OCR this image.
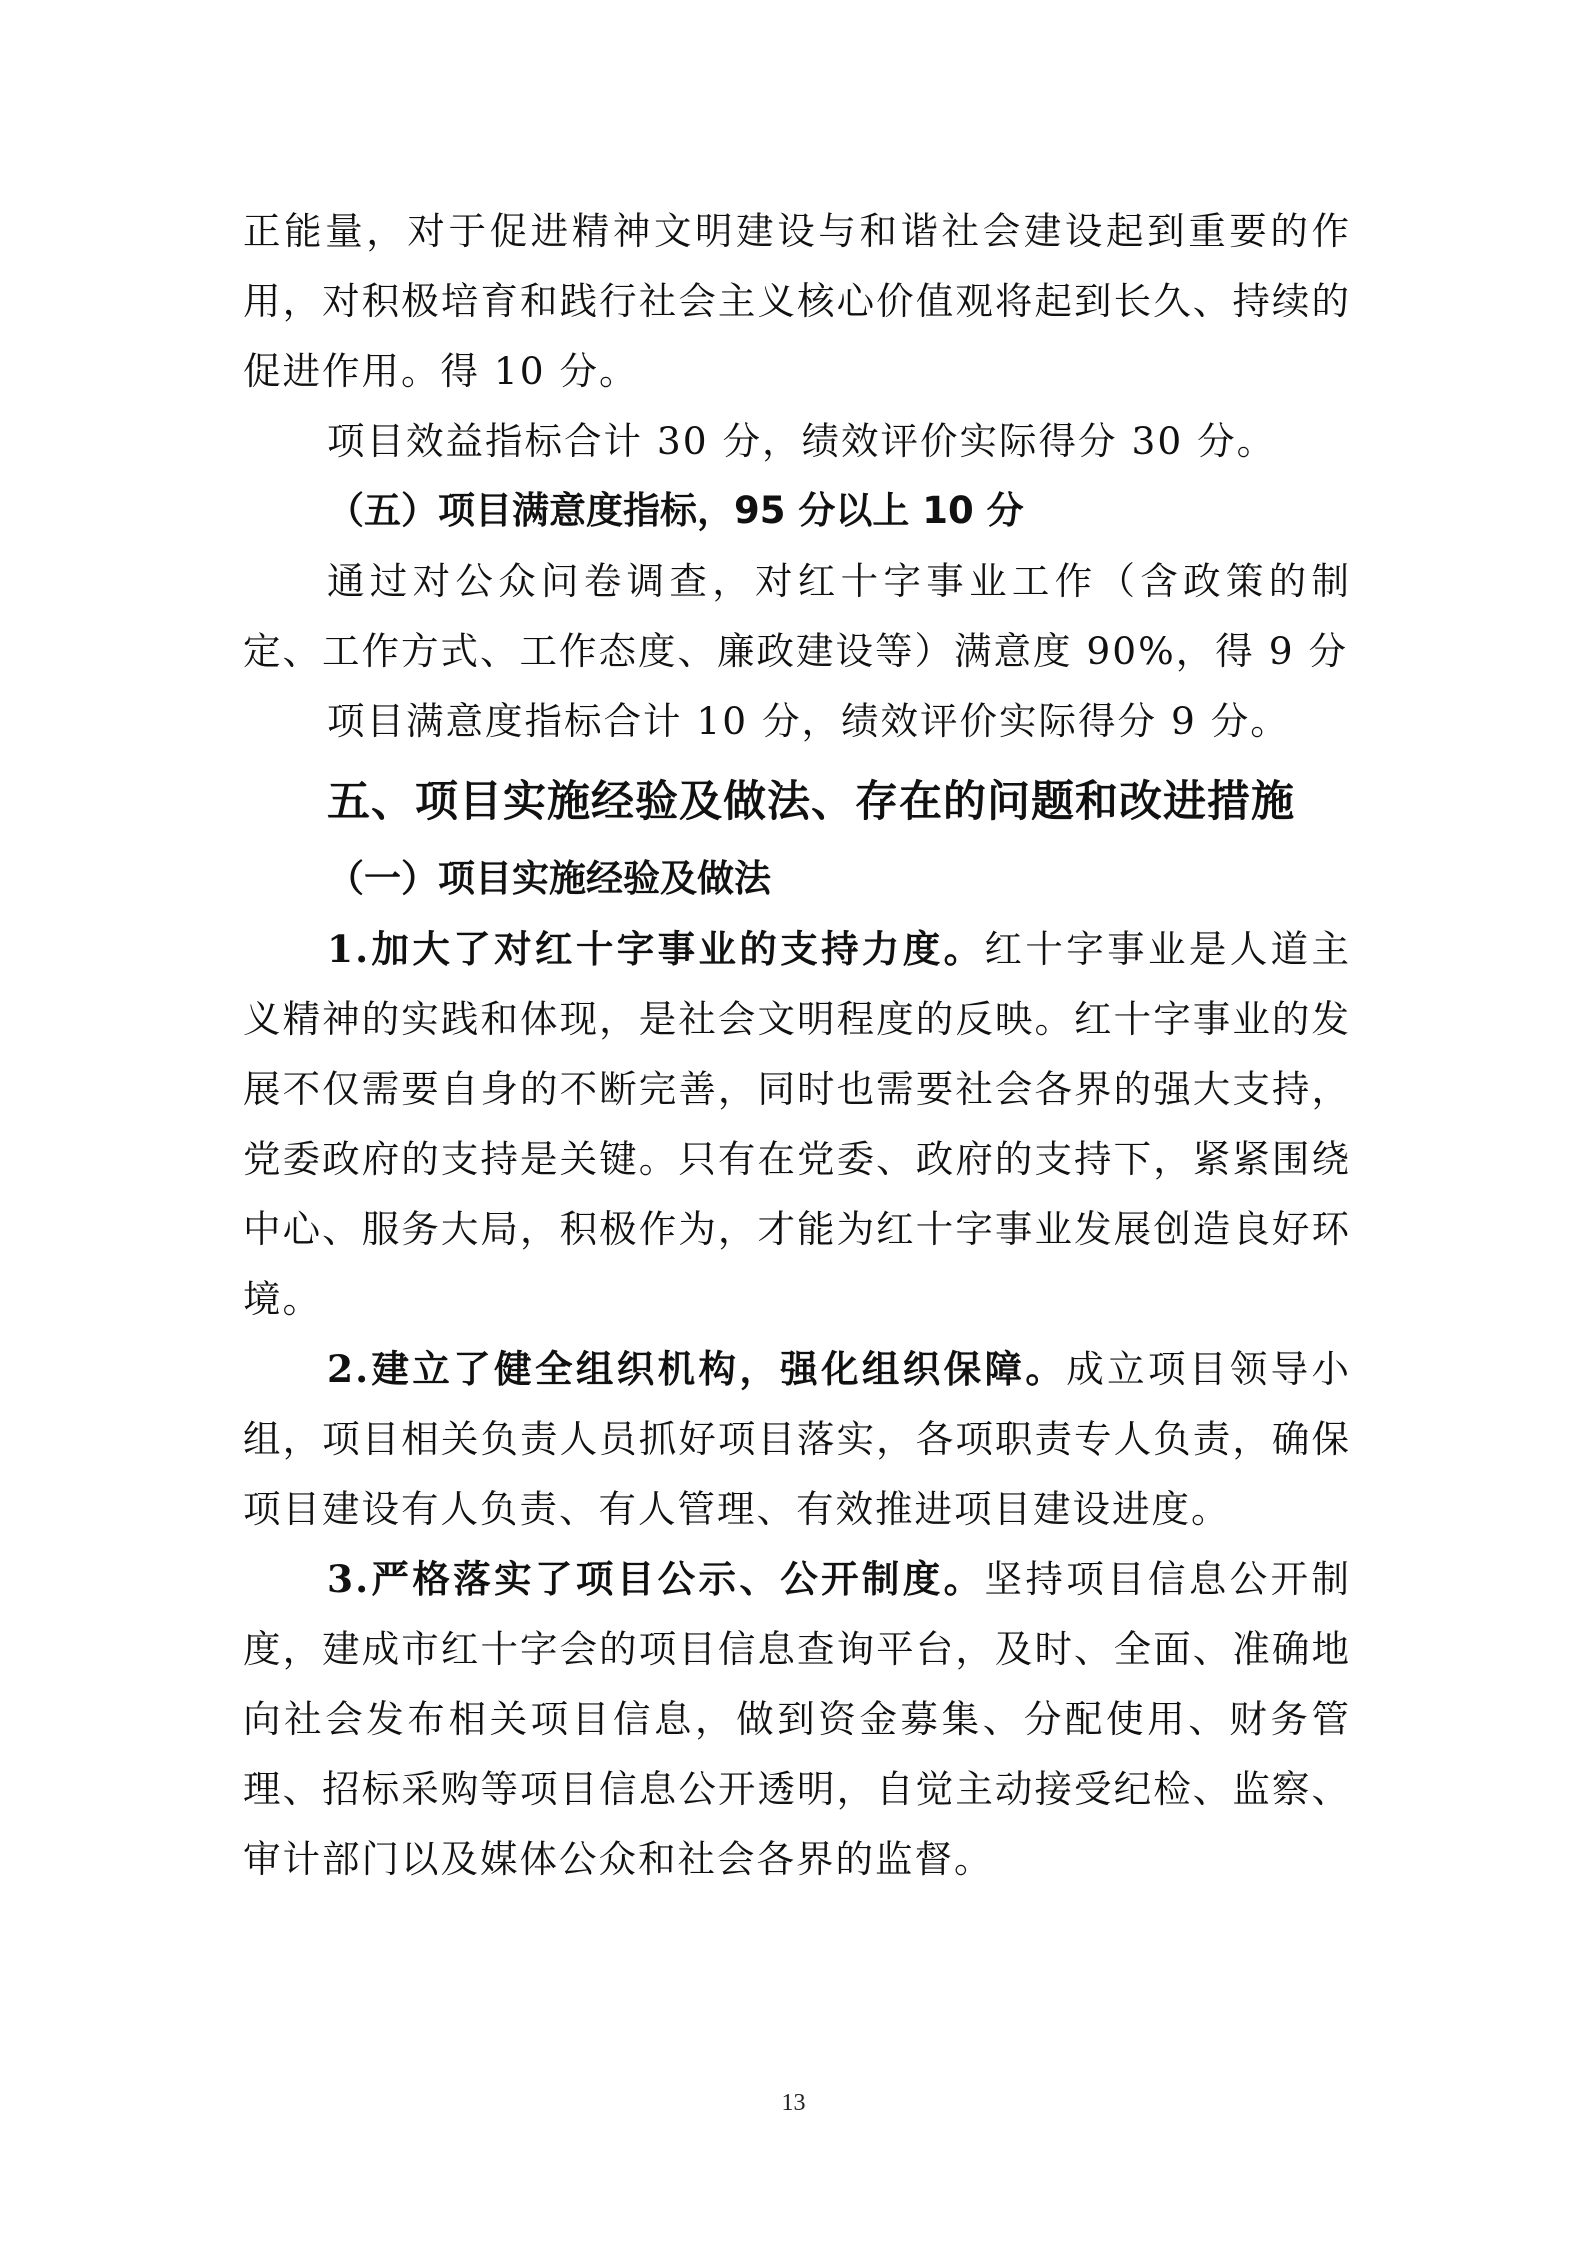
正能量，对于促进精神文明建设与和谐社会建设起到重要的作用，对积极培育和践行社会主义核心价值观将起到长久、持续的促进作用。得 10 分。

项目效益指标合计 30 分，绩效评价实际得分 30 分。

（五）项目满意度指标，95 分以上 10 分

通过对公众问卷调查，对红十字事业工作（含政策的制定、工作方式、工作态度、廉政建设等）满意度 90%，得 9 分

项目满意度指标合计 10 分，绩效评价实际得分 9 分。

五、项目实施经验及做法、存在的问题和改进措施

（一）项目实施经验及做法

1.加大了对红十字事业的支持力度。红十字事业是人道主义精神的实践和体现，是社会文明程度的反映。红十字事业的发展不仅需要自身的不断完善，同时也需要社会各界的强大支持，党委政府的支持是关键。只有在党委、政府的支持下，紧紧围绕中心、服务大局，积极作为，才能为红十字事业发展创造良好环境。

2.建立了健全组织机构，强化组织保障。成立项目领导小组，项目相关负责人员抓好项目落实，各项职责专人负责，确保项目建设有人负责、有人管理、有效推进项目建设进度。

3.严格落实了项目公示、公开制度。坚持项目信息公开制度，建成市红十字会的项目信息查询平台，及时、全面、准确地向社会发布相关项目信息，做到资金募集、分配使用、财务管理、招标采购等项目信息公开透明，自觉主动接受纪检、监察、审计部门以及媒体公众和社会各界的监督。

13
